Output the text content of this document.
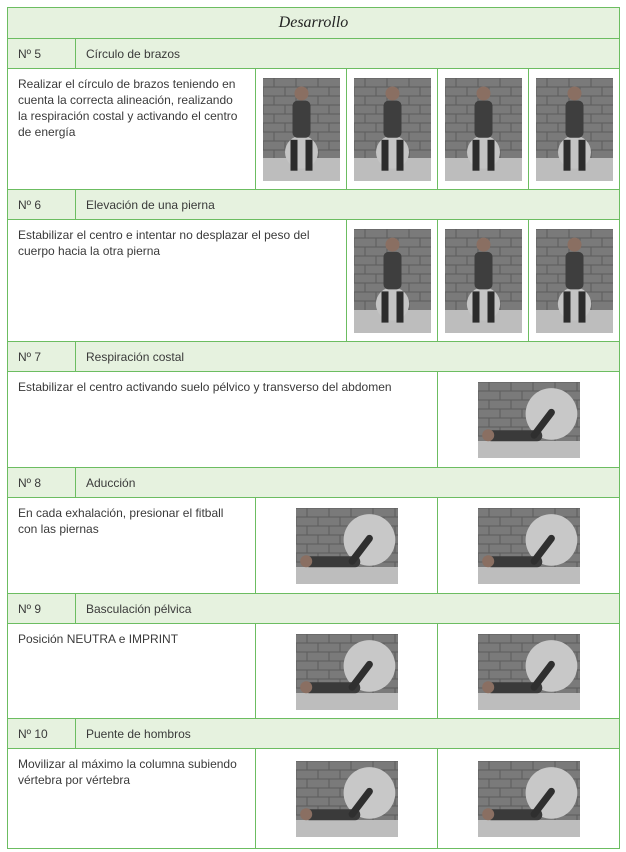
Desarrollo
Nº 5	Círculo de brazos
Realizar el círculo de brazos teniendo en cuenta la correcta alineación, realizando la respiración costal y activando el centro de energía
Nº 6	Elevación de una pierna
Estabilizar el centro e intentar no desplazar el peso del cuerpo hacia la otra pierna
Nº 7	Respiración costal
Estabilizar el centro activando suelo pélvico y transverso del abdomen
Nº 8	Aducción
En cada exhalación, presionar el fitball con las piernas
Nº 9	Basculación pélvica
Posición NEUTRA e IMPRINT
Nº 10	Puente de hombros
Movilizar al máximo la columna subiendo vértebra por vértebra
